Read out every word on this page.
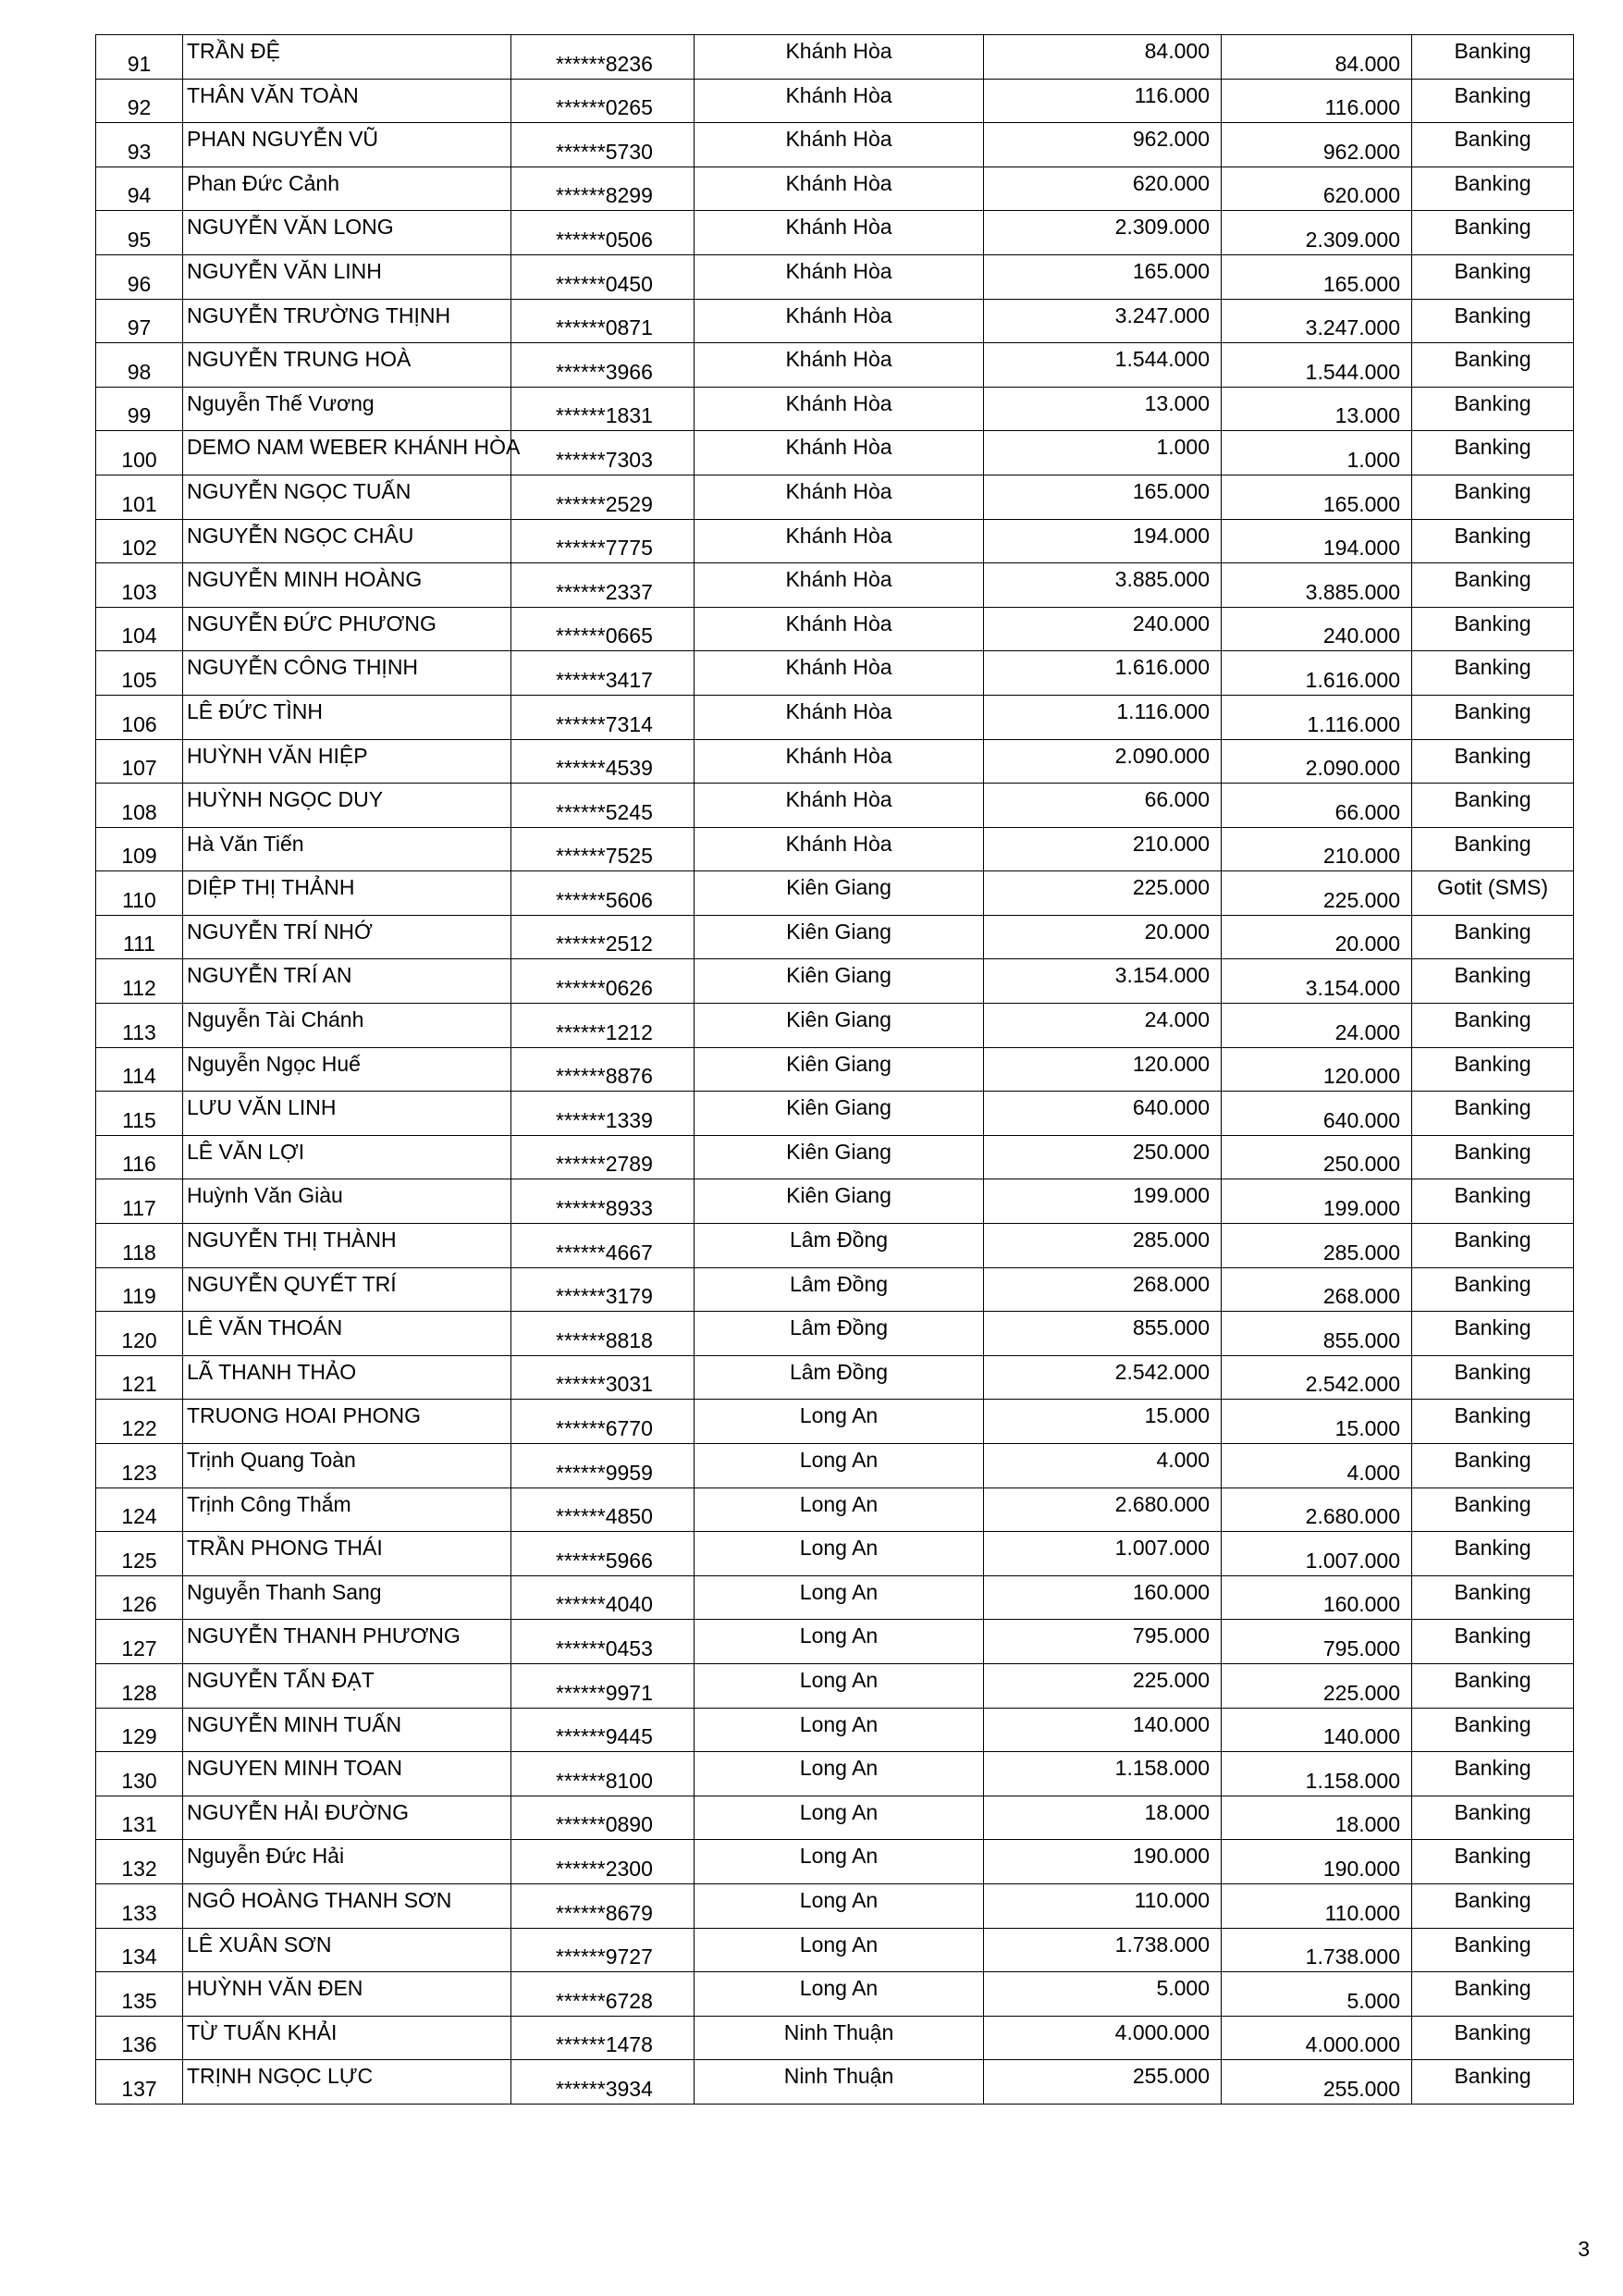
91	TRẦN ĐỆ	******8236	Khánh Hòa	84.000	84.000	Banking

92	THÂN VĂN TOÀN	******0265	Khánh Hòa	116.000	116.000	Banking

93	PHAN NGUYỄN VŨ	******5730	Khánh Hòa	962.000	962.000	Banking

94	Phan Đức Cảnh	******8299	Khánh Hòa	620.000	620.000	Banking

95	NGUYỄN VĂN LONG	******0506	Khánh Hòa	2.309.000	2.309.000	Banking

96	NGUYỄN VĂN LINH	******0450	Khánh Hòa	165.000	165.000	Banking

97	NGUYỄN TRƯỜNG THỊNH	******0871	Khánh Hòa	3.247.000	3.247.000	Banking

98	NGUYỄN TRUNG HOÀ	******3966	Khánh Hòa	1.544.000	1.544.000	Banking

99	Nguyễn Thế Vương	******1831	Khánh Hòa	13.000	13.000	Banking

100	DEMO NAM WEBER KHÁNH HÒA	******7303	Khánh Hòa	1.000	1.000	Banking

101	NGUYỄN NGỌC TUẤN	******2529	Khánh Hòa	165.000	165.000	Banking

102	NGUYỄN NGỌC CHÂU	******7775	Khánh Hòa	194.000	194.000	Banking

103	NGUYỄN MINH HOÀNG	******2337	Khánh Hòa	3.885.000	3.885.000	Banking

104	NGUYỄN ĐỨC PHƯƠNG	******0665	Khánh Hòa	240.000	240.000	Banking

105	NGUYỄN CÔNG THỊNH	******3417	Khánh Hòa	1.616.000	1.616.000	Banking

106	LÊ ĐỨC TÌNH	******7314	Khánh Hòa	1.116.000	1.116.000	Banking

107	HUỲNH VĂN HIỆP	******4539	Khánh Hòa	2.090.000	2.090.000	Banking

108	HUỲNH NGỌC DUY	******5245	Khánh Hòa	66.000	66.000	Banking

109	Hà Văn Tiến	******7525	Khánh Hòa	210.000	210.000	Banking

110	DIỆP THỊ THẢNH	******5606	Kiên Giang	225.000	225.000	Gotit (SMS)

111	NGUYỄN TRÍ NHỚ	******2512	Kiên Giang	20.000	20.000	Banking

112	NGUYỄN TRÍ AN	******0626	Kiên Giang	3.154.000	3.154.000	Banking

113	Nguyễn Tài Chánh	******1212	Kiên Giang	24.000	24.000	Banking

114	Nguyễn Ngọc Huế	******8876	Kiên Giang	120.000	120.000	Banking

115	LƯU VĂN LINH	******1339	Kiên Giang	640.000	640.000	Banking

116	LÊ VĂN LỢI	******2789	Kiên Giang	250.000	250.000	Banking

117	Huỳnh Văn Giàu	******8933	Kiên Giang	199.000	199.000	Banking

118	NGUYỄN THỊ THÀNH	******4667	Lâm Đồng	285.000	285.000	Banking

119	NGUYỄN QUYẾT TRÍ	******3179	Lâm Đồng	268.000	268.000	Banking

120	LÊ VĂN THOÁN	******8818	Lâm Đồng	855.000	855.000	Banking

121	LÃ THANH THẢO	******3031	Lâm Đồng	2.542.000	2.542.000	Banking

122	TRUONG HOAI PHONG	******6770	Long An	15.000	15.000	Banking

123	Trịnh Quang Toàn	******9959	Long An	4.000	4.000	Banking

124	Trịnh Công Thắm	******4850	Long An	2.680.000	2.680.000	Banking

125	TRẦN PHONG THÁI	******5966	Long An	1.007.000	1.007.000	Banking

126	Nguyễn Thanh Sang	******4040	Long An	160.000	160.000	Banking

127	NGUYỄN THANH PHƯƠNG	******0453	Long An	795.000	795.000	Banking

128	NGUYỄN TẤN ĐẠT	******9971	Long An	225.000	225.000	Banking

129	NGUYỄN MINH TUẤN	******9445	Long An	140.000	140.000	Banking

130	NGUYEN MINH TOAN	******8100	Long An	1.158.000	1.158.000	Banking

131	NGUYỄN HẢI ĐƯỜNG	******0890	Long An	18.000	18.000	Banking

132	Nguyễn Đức Hải	******2300	Long An	190.000	190.000	Banking

133	NGÔ HOÀNG THANH SƠN	******8679	Long An	110.000	110.000	Banking

134	LÊ XUÂN SƠN	******9727	Long An	1.738.000	1.738.000	Banking

135	HUỲNH VĂN ĐEN	******6728	Long An	5.000	5.000	Banking

136	TỪ TUẤN KHẢI	******1478	Ninh Thuận	4.000.000	4.000.000	Banking

137	TRỊNH NGỌC LỰC	******3934	Ninh Thuận	255.000	255.000	Banking
3
